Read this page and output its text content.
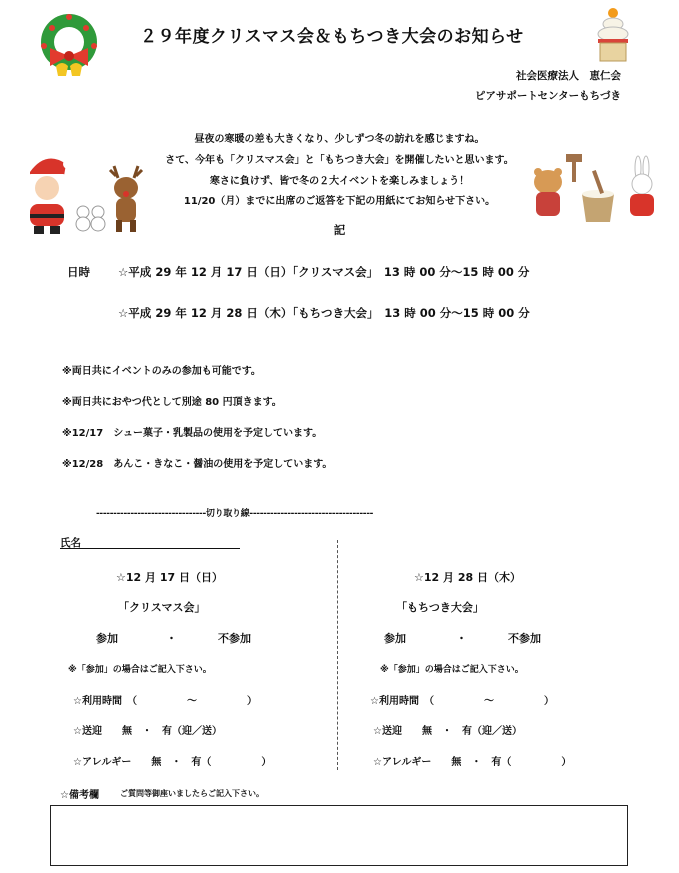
２９年度クリスマス会＆もちつき大会のお知らせ
社会医療法人　恵仁会
ピアサポートセンターもちづき
昼夜の寒暖の差も大きくなり、少しずつ冬の訪れを感じますね。
さて、今年も「クリスマス会」と「もちつき大会」を開催したいと思います。
寒さに負けず、皆で冬の２大イベントを楽しみましょう！
11/20（月）までに出席のご返答を下記の用紙にてお知らせ下さい。
記
日時 ☆平成 29 年 12 月 17 日（日）「クリスマス会」　13 時 00 分～15 時 00 分
☆平成 29 年 12 月 28 日（木）「もちつき大会」　13 時 00 分～15 時 00 分
※両日共にイベントのみの参加も可能です。
※両日共におやつ代として別途 80 円頂きます。
※12/17　シュー菓子・乳製品の使用を予定しています。
※12/28　あんこ・きなこ・醤油の使用を予定しています。
--------------------------------切り取り線------------------------------------
氏名
☆12 月 17 日（日）
「クリスマス会」
参加	・	不参加
※「参加」の場合はご記入下さい。
☆利用時間　（　　　　　～　　　　　）
☆送迎　　無　・　有（迎／送）
☆アレルギー　　無　・　有（　　　　　）
☆12 月 28 日（木）
「もちつき大会」
参加	・	不参加
※「参加」の場合はご記入下さい。
☆利用時間　（　　　　　～　　　　　）
☆送迎　　無　・　有（迎／送）
☆アレルギー　　無　・　有（　　　　　）
☆備考欄	ご質問等御座いましたらご記入下さい。
